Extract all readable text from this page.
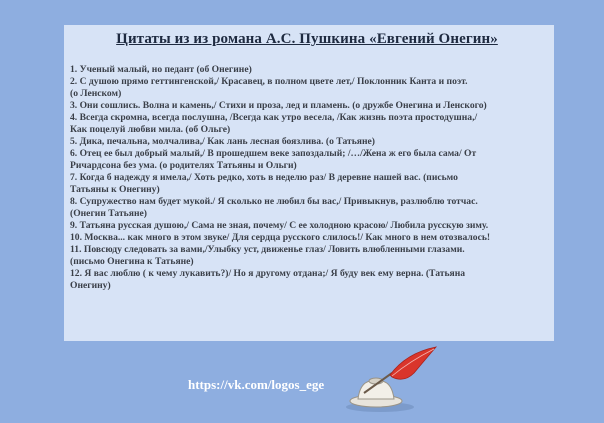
Цитаты из из романа А.С. Пушкина «Евгений Онегин»
1. Ученый малый, но педант (об Онегине)
2. С душою прямо геттингенской,/ Красавец, в полном цвете лет,/ Поклонник Канта и поэт.
(о Ленском)
3. Они сошлись. Волна и камень,/ Стихи и проза, лед и пламень. (о дружбе Онегина и Ленского)
4. Всегда скромна, всегда послушна, /Всегда как утро весела, /Как жизнь поэта простодушна,/
Как поцелуй любви мила. (об Ольге)
5. Дика, печальна, молчалива,/ Как лань лесная боязлива. (о Татьяне)
6. Отец ее был добрый малый,/ В прошедшем веке запоздалый; /…/Жена ж его была сама/ От
Ричардсона без ума. (о родителях Татьяны и Ольги)
7. Когда б надежду я имела,/ Хоть редко, хоть в неделю раз/ В деревне нашей вас. (письмо
Татьяны к Онегину)
8. Супружество нам будет мукой./ Я сколько не любил бы вас,/ Привыкнув, разлюблю тотчас.
(Онегин Татьяне)
9. Татьяна русская душою,/ Сама не зная, почему/ С ее холодною красою/ Любила русскую зиму.
10. Москва... как много в этом звуке/ Для сердца русского слилось!/ Как много в нем отозвалось!
11. Повсюду следовать за вами,/Улыбку уст, движенье глаз/ Ловить влюбленными глазами.
(письмо Онегина к Татьяне)
12. Я вас люблю ( к чему лукавить?)/ Но я другому отдана;/ Я буду век ему верна. (Татьяна
Онегину)
https://vk.com/logos_ege
